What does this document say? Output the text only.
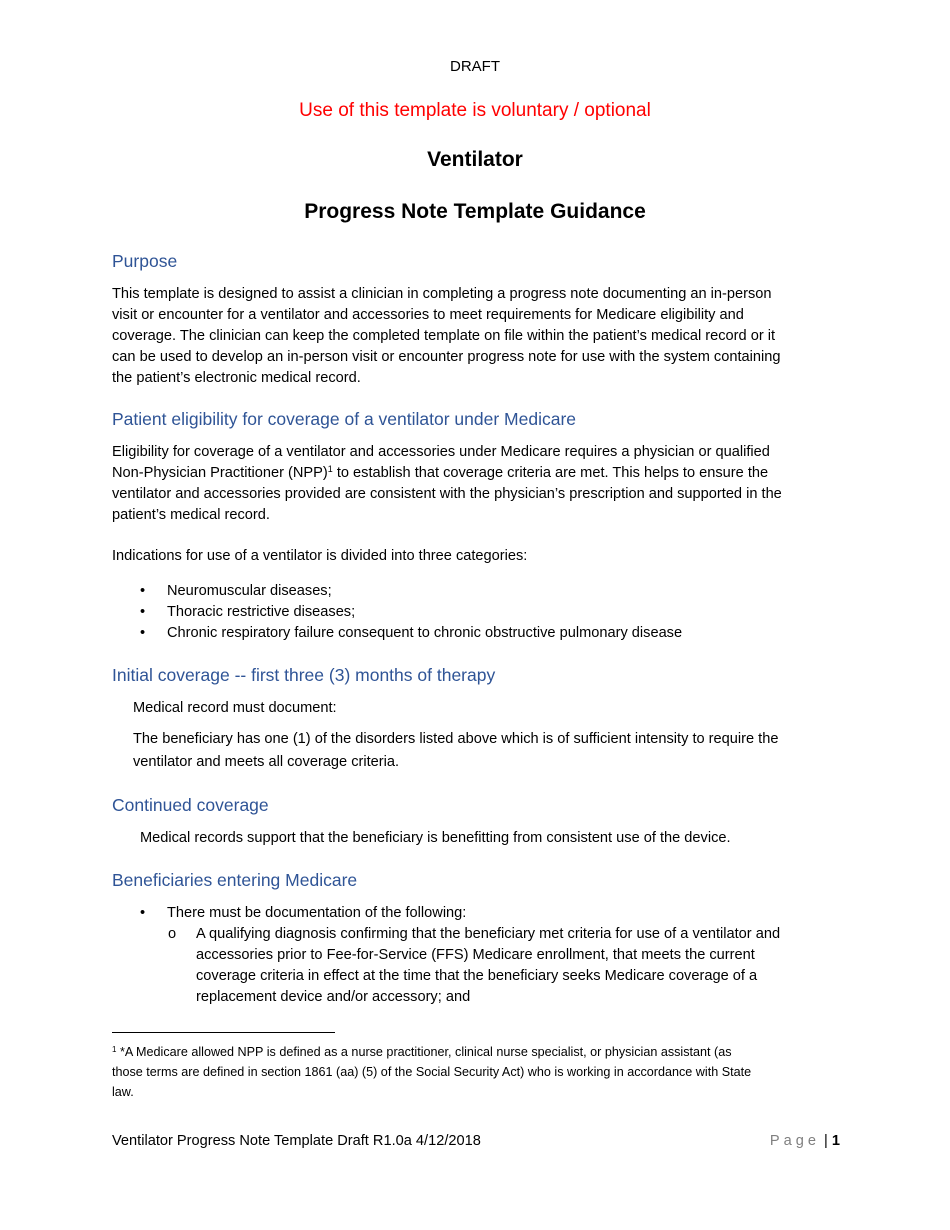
DRAFT
Use of this template is voluntary / optional
Ventilator
Progress Note Template Guidance
Purpose
This template is designed to assist a clinician in completing a progress note documenting an in-person
visit or encounter for a ventilator and accessories to meet requirements for Medicare eligibility and
coverage. The clinician can keep the completed template on file within the patient’s medical record or it
can be used to develop an in-person visit or encounter progress note for use with the system containing
the patient’s electronic medical record.
Patient eligibility for coverage of a ventilator under Medicare
Eligibility for coverage of a ventilator and accessories under Medicare requires a physician or qualified
Non-Physician Practitioner (NPP)$^1$ to establish that coverage criteria are met. This helps to ensure the
ventilator and accessories provided are consistent with the physician’s prescription and supported in the
patient’s medical record.
Indications for use of a ventilator is divided into three categories:
• Neuromuscular diseases;
• Thoracic restrictive diseases;
• Chronic respiratory failure consequent to chronic obstructive pulmonary disease
Initial coverage -- first three (3) months of therapy
Medical record must document:
The beneficiary has one (1) of the disorders listed above which is of sufficient intensity to require the
ventilator and meets all coverage criteria.
Continued coverage
Medical records support that the beneficiary is benefitting from consistent use of the device.
Beneficiaries entering Medicare
• There must be documentation of the following:
o A qualifying diagnosis confirming that the beneficiary met criteria for use of a ventilator and
accessories prior to Fee-for-Service (FFS) Medicare enrollment, that meets the current
coverage criteria in effect at the time that the beneficiary seeks Medicare coverage of a
replacement device and/or accessory; and
$^1$ *A Medicare allowed NPP is defined as a nurse practitioner, clinical nurse specialist, or physician assistant (as
those terms are defined in section 1861 (aa) (5) of the Social Security Act) who is working in accordance with State
law.
Ventilator Progress Note Template Draft R1.0a 4/12/2018	Page | 1
